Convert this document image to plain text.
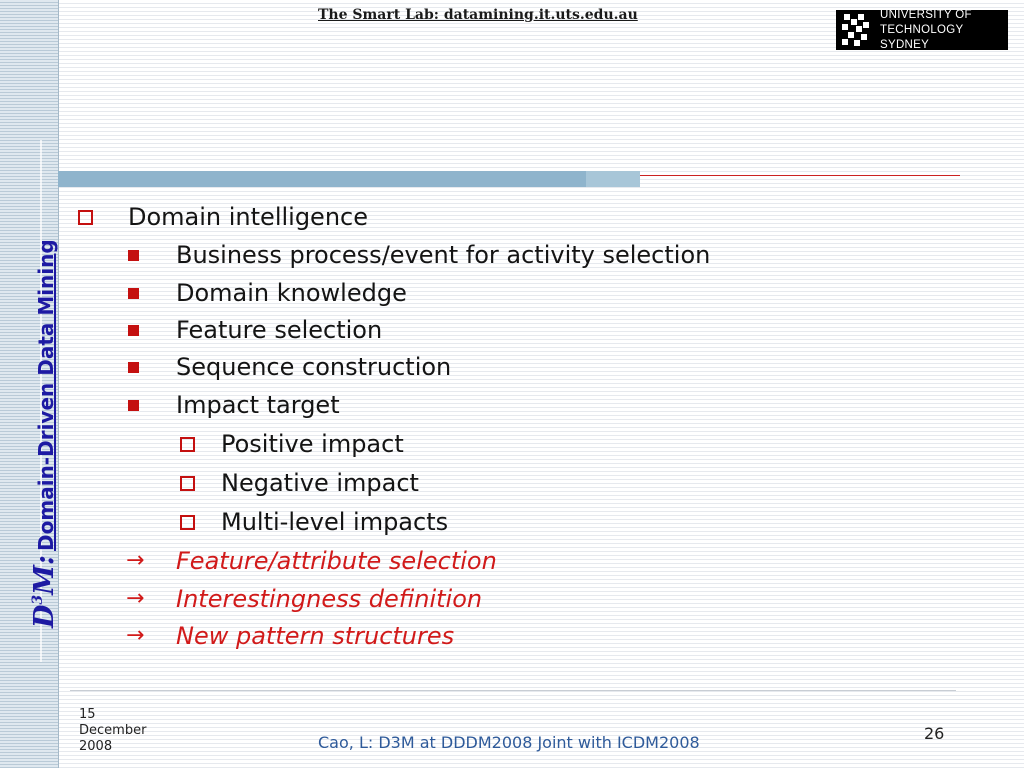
$D^3M:Domain$-Driven Data Mining
The Smart Lab: datamining.it.uts.edu.au	UNIVERSITY OF
TECHNOLOGY SYDNEY
Domain intelligence
Business process/event for activity selection
Domain knowledge
Feature selection
Sequence construction
Impact target
Positive impact
Negative impact
Multi-level impacts
→ Feature/attribute selection
→ Interestingness definition
→ New pattern structures
15
December
2008	Cao, L: D3M at DDDM2008 Joint with ICDM2008	26
